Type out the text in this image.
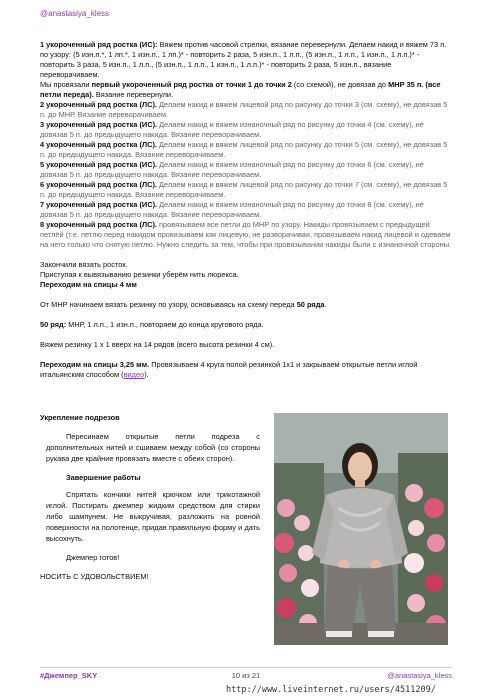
@anastasiya_kless

1 укороченный ряд ростка (ИС): Вяжем против часовой стрелки, вязание перевернули. Делаем накид и вяжем 73 п. по узору: (5 изн.п.*, 1 лп.*, 1 изн.п., 1 лп.)* - повторить 2 раза, 5 изн.п., 1 л.п., (5 изн.п., 1 л.п., 1 изн.п., 1 л.п.)* - повторить 3 раза, 5 изн.п., 1 л.п., (5 изн.п., 1 л.п., 1 изн.п., 1 л.п.)* - повторить 2 раза, 5 изн.п., вязание переворачиваем.

Мы провязали первый укороченный ряд ростка от точки 1 до точки 2 (со схемой), не довязав до МНР 35 п. (все петли переда). Вязание перевернули.

2 укороченный ряд ростка (ЛС). Делаем накид и вяжем лицевой ряд по рисунку до точки 3 (см. схему), не довязав 5 п. до МНР. Вязание переворачиваем.

3 укороченный ряд ростка (ИС). Делаем накид и вяжем изнаночный ряд по рисунку до точки 4 (см. схему), не довязав 5 п. до предыдущего накида. Вязание переворачиваем.

4 укороченный ряд ростка (ЛС). Делаем накид и вяжем лицевой ряд по рисунку до точки 5 (см. схему), не довязав 5 п. до предыдущего накида. Вязание переворачиваем.

5 укороченный ряд ростка (ИС). Делаем накид и вяжем изнаночный ряд по рисунку до точки 6 (см. схему), не довязав 5 п. до предыдущего накида. Вязание переворачиваем.

6 укороченный ряд ростка (ЛС). Делаем накид и вяжем лицевой ряд по рисунку до точки 7 (см. схему), не довязав 5 п. до предыдущего накида. Вязание переворачиваем.

7 укороченный ряд ростка (ИС). Делаем накид и вяжем изнаночный ряд по рисунку до точки 8 (см. схему), не довязав 5 п. до предыдущего накида. Вязание переворачиваем.

8 укороченный ряд ростка (ЛС). провязываем все петли до МНР по узору. Накиды провязываем с предыдущей петлёй (т.е. петлю перед накидом провязываем как лицевую, не разворачивая, провязываем накид лицевой и одеваем на него только что снятую петлю. Нужно следить за тем, чтобы при провязывании накиды были с изнаночной стороны.

Закончили вязать росток.

Приступая к вывязыванию резинки уберём нить люрекса.

Переходим на спицы 4 мм

От МНР начинаем вязать резинку по узору, основываясь на схему переда 50 ряда.

50 ряд: МНР, 1 л.п., 1 изн.п., повторяем до конца кругового ряда.

Вяжем резинку 1 х 1 вверх на 14 рядов (всего высота резинки 4 см).

Переходим на спицы 3,25 мм. Провязываем 4 круга полой резинкой 1х1 и закрываем открытые петли иглой итальянским способом (видео).

Укрепление подрезов

Пересинаем открытые петли подреза с дополнительных нитей и сшиваем между собой (со стороны рукава две крайние провязать вместе с обеих сторон).

Завершение работы

Спрятать кончики нитей крючком или трикотажной иглой. Постирать джемпер жидким средством для стирки либо шампунем. Не выкручивая, разложить на ровной поверхности на полотенце, придав правильную форму и дать высохнуть.

Джемпер готов!

НОСИТЬ С УДОВОЛЬСТВИЕМ!

#Джемпер_SKY	10 из 21	@anastasiya_kless
http://www.liveinternet.ru/users/4511209/
